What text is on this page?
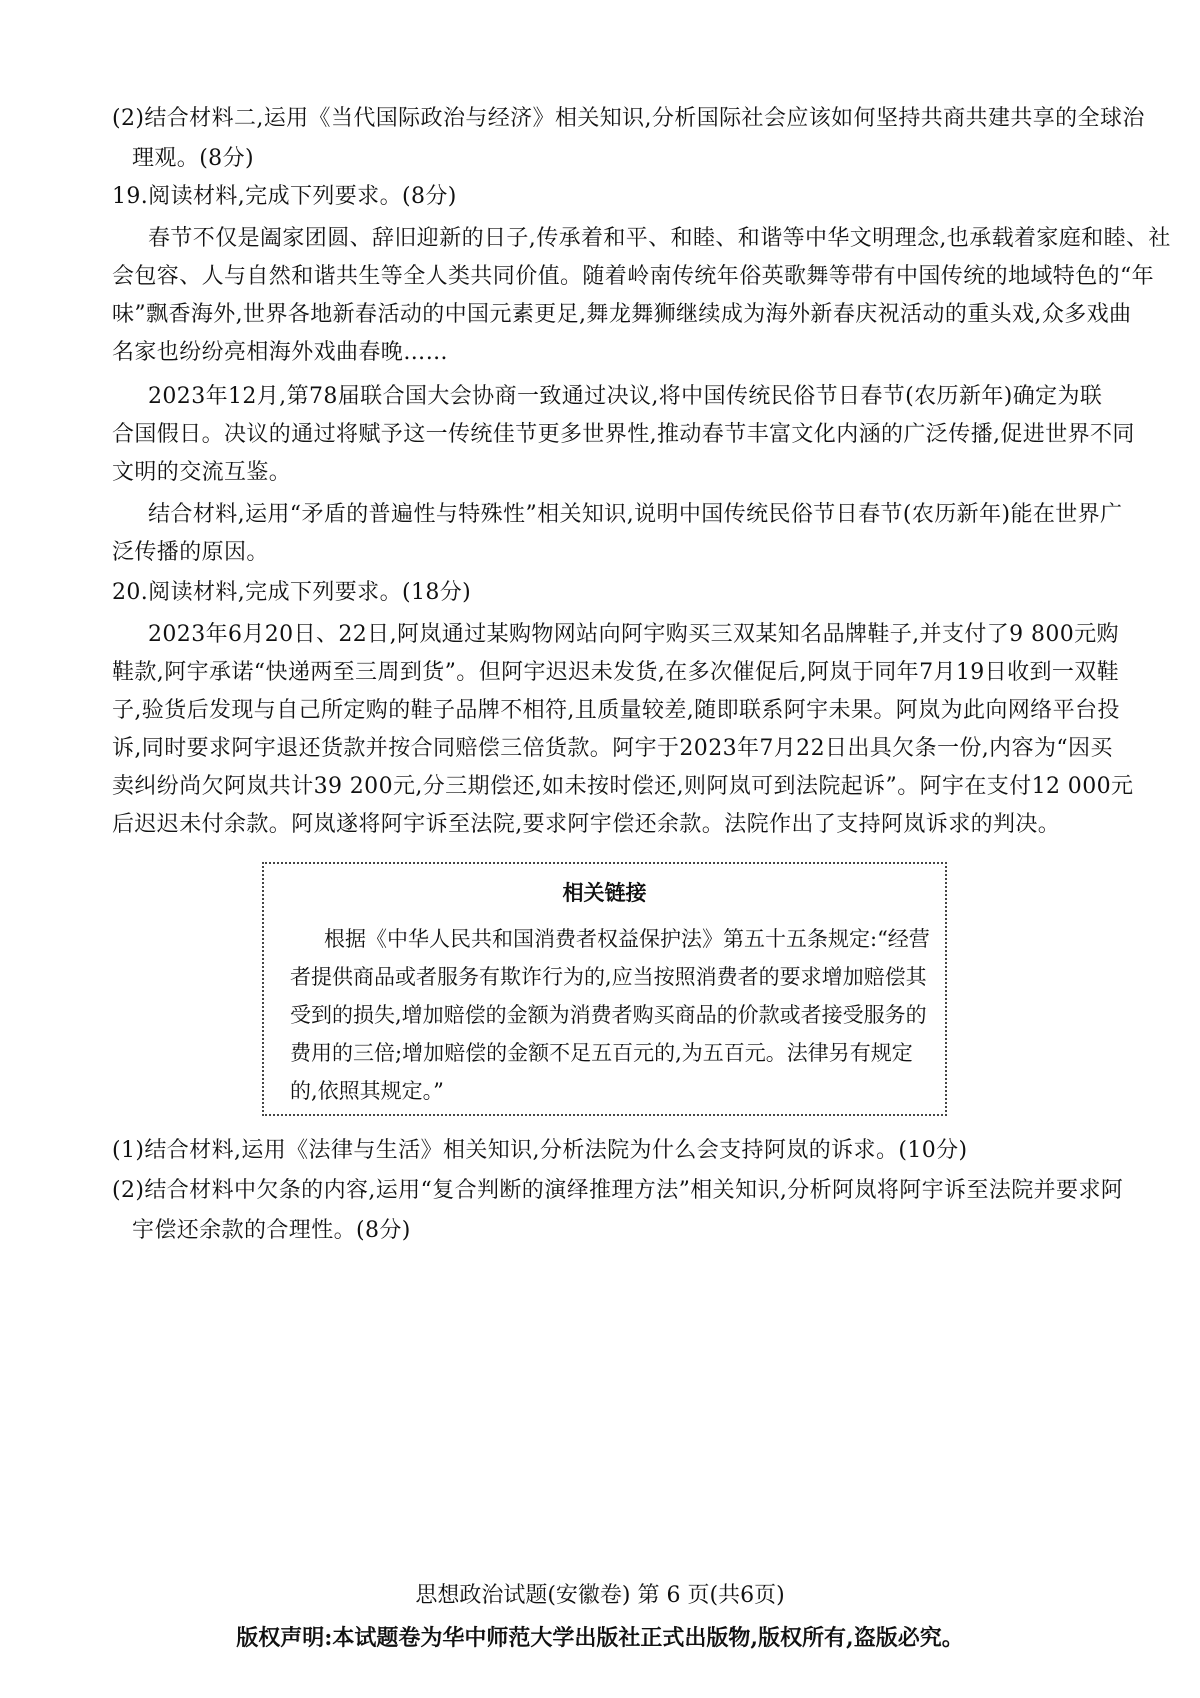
(2)结合材料二,运用《当代国际政治与经济》相关知识,分析国际社会应该如何坚持共商共建共享的全球治
理观。(8分)
19.阅读材料,完成下列要求。(8分)
春节不仅是阖家团圆、辞旧迎新的日子,传承着和平、和睦、和谐等中华文明理念,也承载着家庭和睦、社
会包容、人与自然和谐共生等全人类共同价值。随着岭南传统年俗英歌舞等带有中国传统的地域特色的“年
味”飘香海外,世界各地新春活动的中国元素更足,舞龙舞狮继续成为海外新春庆祝活动的重头戏,众多戏曲
名家也纷纷亮相海外戏曲春晚……
2023年12月,第78届联合国大会协商一致通过决议,将中国传统民俗节日春节(农历新年)确定为联
合国假日。决议的通过将赋予这一传统佳节更多世界性,推动春节丰富文化内涵的广泛传播,促进世界不同
文明的交流互鉴。
结合材料,运用“矛盾的普遍性与特殊性”相关知识,说明中国传统民俗节日春节(农历新年)能在世界广
泛传播的原因。
20.阅读材料,完成下列要求。(18分)
2023年6月20日、22日,阿岚通过某购物网站向阿宇购买三双某知名品牌鞋子,并支付了9 800元购
鞋款,阿宇承诺“快递两至三周到货”。但阿宇迟迟未发货,在多次催促后,阿岚于同年7月19日收到一双鞋
子,验货后发现与自己所定购的鞋子品牌不相符,且质量较差,随即联系阿宇未果。阿岚为此向网络平台投
诉,同时要求阿宇退还货款并按合同赔偿三倍货款。阿宇于2023年7月22日出具欠条一份,内容为“因买
卖纠纷尚欠阿岚共计39 200元,分三期偿还,如未按时偿还,则阿岚可到法院起诉”。阿宇在支付12 000元
后迟迟未付余款。阿岚遂将阿宇诉至法院,要求阿宇偿还余款。法院作出了支持阿岚诉求的判决。
相关链接
根据《中华人民共和国消费者权益保护法》第五十五条规定:“经营
者提供商品或者服务有欺诈行为的,应当按照消费者的要求增加赔偿其
受到的损失,增加赔偿的金额为消费者购买商品的价款或者接受服务的
费用的三倍;增加赔偿的金额不足五百元的,为五百元。法律另有规定
的,依照其规定。”
(1)结合材料,运用《法律与生活》相关知识,分析法院为什么会支持阿岚的诉求。(10分)
(2)结合材料中欠条的内容,运用“复合判断的演绎推理方法”相关知识,分析阿岚将阿宇诉至法院并要求阿
宇偿还余款的合理性。(8分)
思想政治试题(安徽卷) 第 6 页(共6页)
版权声明:本试题卷为华中师范大学出版社正式出版物,版权所有,盗版必究。
